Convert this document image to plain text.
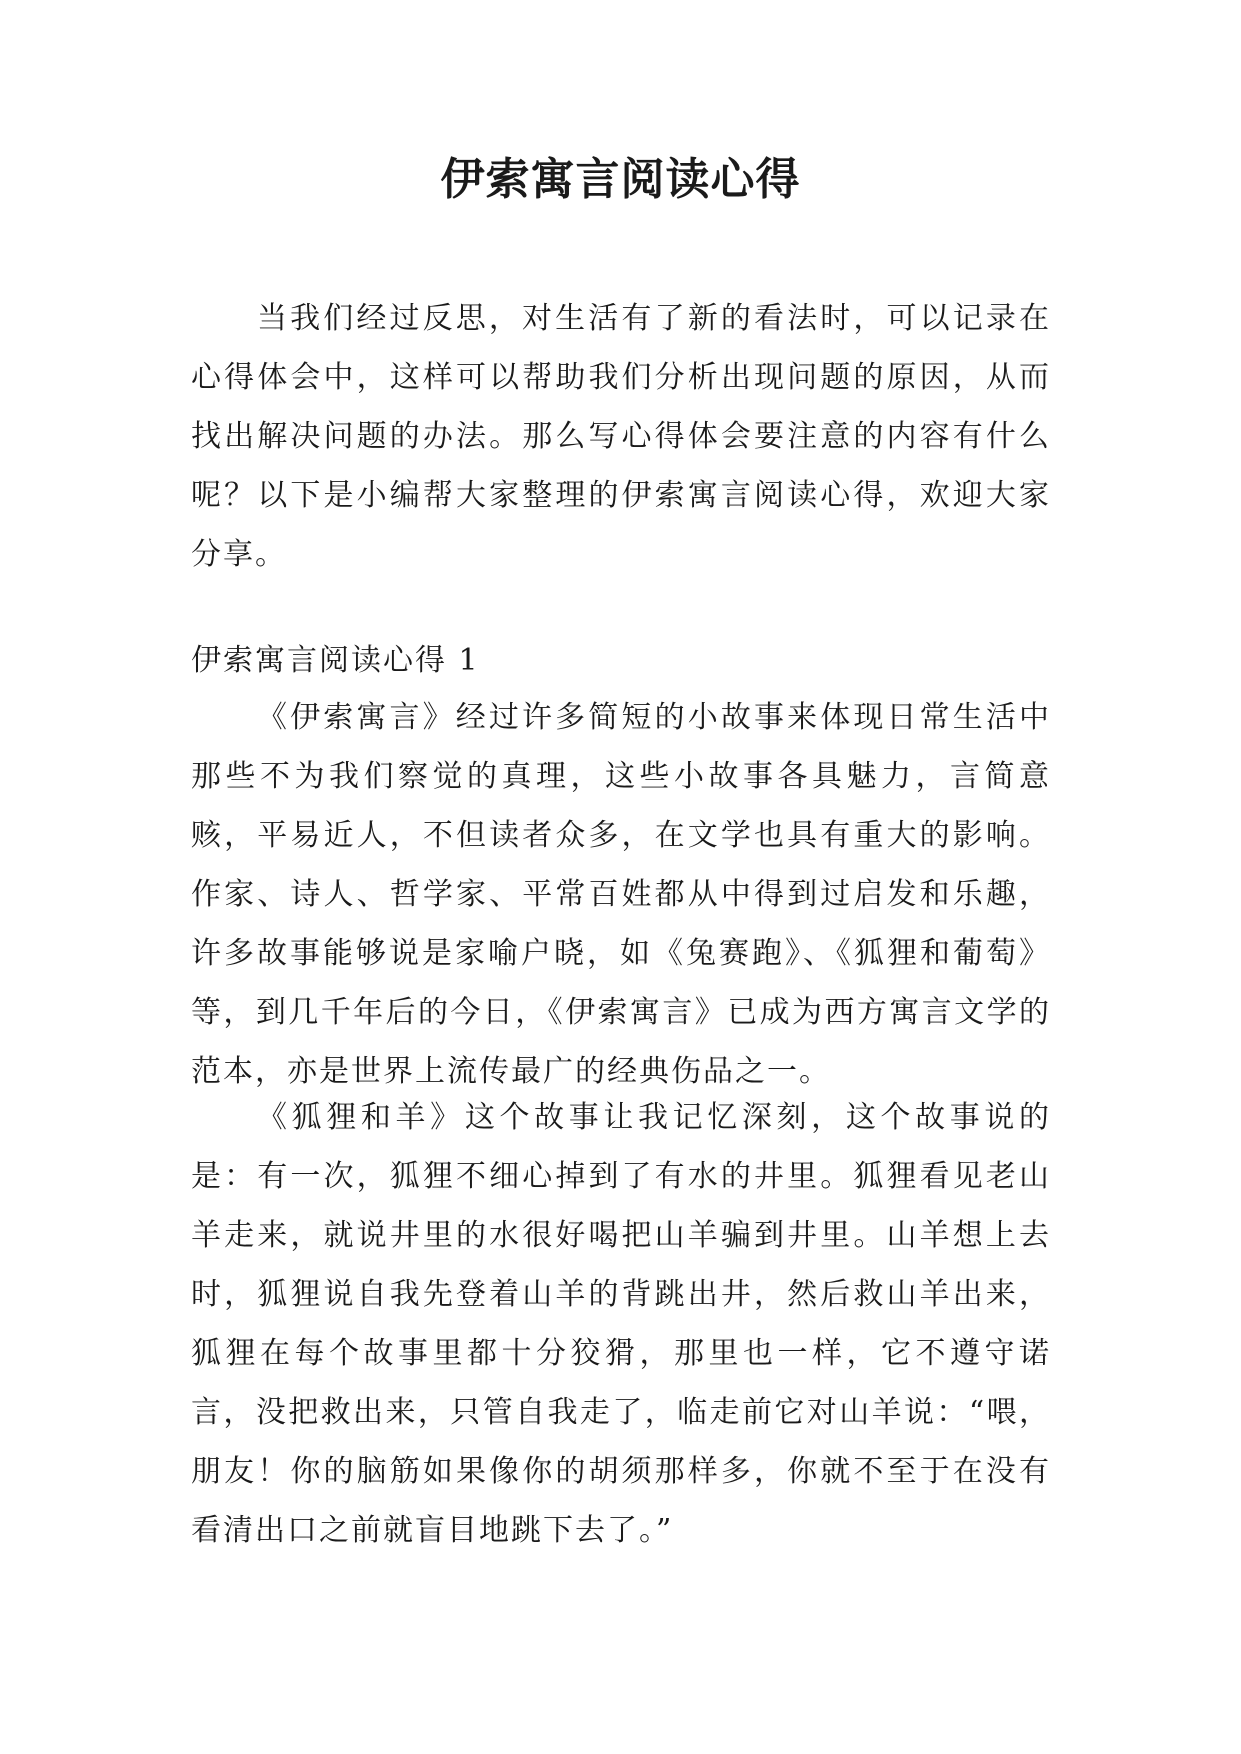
伊索寓言阅读心得

当我们经过反思，对生活有了新的看法时，可以记录在心得体会中，这样可以帮助我们分析出现问题的原因，从而找出解决问题的办法。那么写心得体会要注意的内容有什么呢？以下是小编帮大家整理的伊索寓言阅读心得，欢迎大家分享。

伊索寓言阅读心得 1

《伊索寓言》经过许多简短的小故事来体现日常生活中那些不为我们察觉的真理，这些小故事各具魅力，言简意赅，平易近人，不但读者众多，在文学也具有重大的影响。作家、诗人、哲学家、平常百姓都从中得到过启发和乐趣，许多故事能够说是家喻户晓，如《兔赛跑》、《狐狸和葡萄》等，到几千年后的今日，《伊索寓言》已成为西方寓言文学的范本，亦是世界上流传最广的经典伤品之一。

《狐狸和羊》这个故事让我记忆深刻，这个故事说的是：有一次，狐狸不细心掉到了有水的井里。狐狸看见老山羊走来，就说井里的水很好喝把山羊骗到井里。山羊想上去时，狐狸说自我先登着山羊的背跳出井，然后救山羊出来，狐狸在每个故事里都十分狡猾，那里也一样，它不遵守诺言，没把救出来，只管自我走了，临走前它对山羊说：“喂，朋友！你的脑筋如果像你的胡须那样多，你就不至于在没有看清出口之前就盲目地跳下去了。”
